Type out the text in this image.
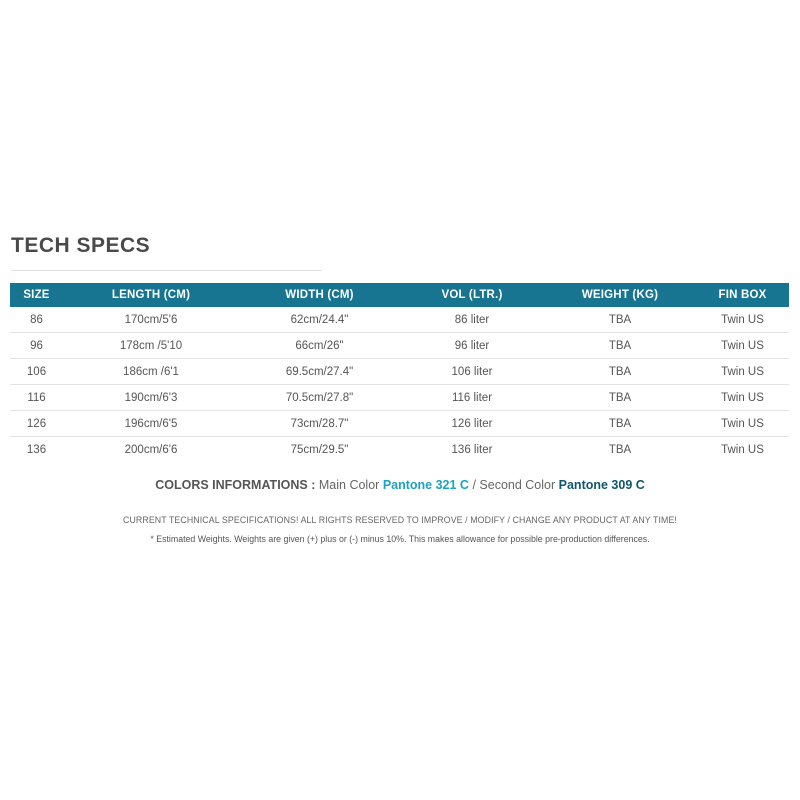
TECH SPECS
SIZE	LENGTH (CM)	WIDTH (CM)	VOL (LTR.)	WEIGHT (KG)	FIN BOX
86	170cm/5'6	62cm/24.4"	86 liter	TBA	Twin US
96	178cm /5'10	66cm/26"	96 liter	TBA	Twin US
106	186cm /6'1	69.5cm/27.4"	106 liter	TBA	Twin US
116	190cm/6'3	70.5cm/27.8"	116 liter	TBA	Twin US
126	196cm/6'5	73cm/28.7"	126 liter	TBA	Twin US
136	200cm/6'6	75cm/29.5"	136 liter	TBA	Twin US
COLORS INFORMATIONS : Main Color Pantone 321 C / Second Color Pantone 309 C
CURRENT TECHNICAL SPECIFICATIONS! ALL RIGHTS RESERVED TO IMPROVE / MODIFY / CHANGE ANY PRODUCT AT ANY TIME!
* Estimated Weights. Weights are given (+) plus or (-) minus 10%. This makes allowance for possible pre-production differences.
